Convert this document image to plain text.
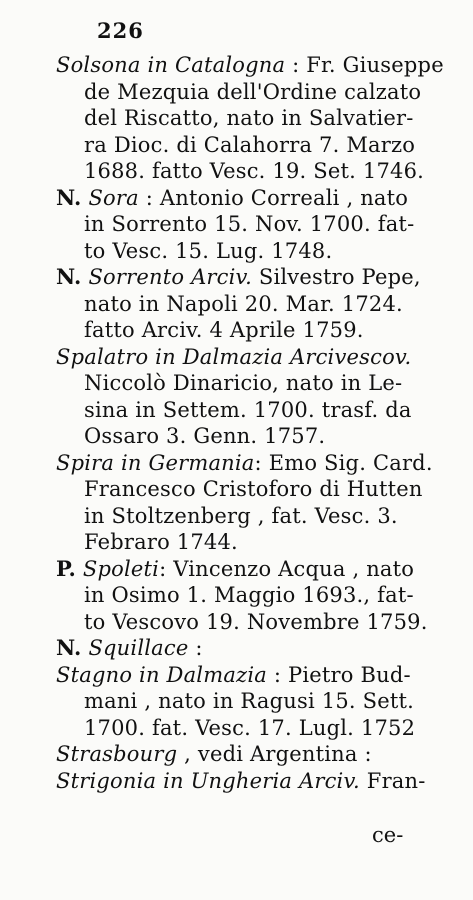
226
Solsona in Catalogna : Fr. Giuseppe
de Mezquia dell'Ordine calzato
del Riscatto, nato in Salvatier-
ra Dioc. di Calahorra 7. Marzo
1688. fatto Vesc. 19. Set. 1746.
N. Sora : Antonio Correali , nato
in Sorrento 15. Nov. 1700. fat-
to Vesc. 15. Lug. 1748.
N. Sorrento Arciv. Silvestro Pepe,
nato in Napoli 20. Mar. 1724.
fatto Arciv. 4 Aprile 1759.
Spalatro in Dalmazia Arcivescov.
Niccolò Dinaricio, nato in Le-
sina in Settem. 1700. trasf. da
Ossaro 3. Genn. 1757.
Spira in Germania: Emo Sig. Card.
Francesco Cristoforo di Hutten
in Stoltzenberg , fat. Vesc. 3.
Febraro 1744.
P. Spoleti: Vincenzo Acqua , nato
in Osimo 1. Maggio 1693., fat-
to Vescovo 19. Novembre 1759.
N. Squillace :
Stagno in Dalmazia : Pietro Bud-
mani , nato in Ragusi 15. Sett.
1700. fat. Vesc. 17. Lugl. 1752
Strasbourg , vedi Argentina :
Strigonia in Ungheria Arciv. Fran-
ce-
